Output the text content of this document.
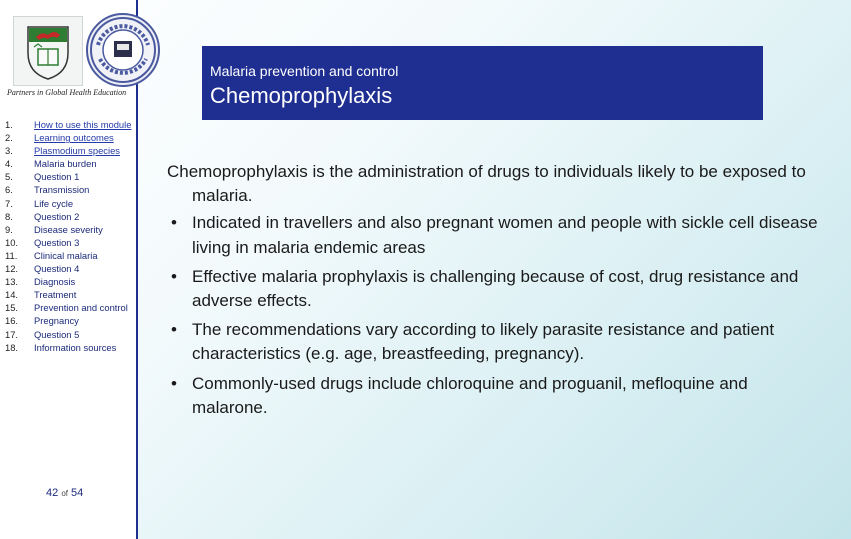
1.	How to use this module
2.	Learning outcomes
3.	Plasmodium species
4.	Malaria burden
5.	Question 1
6.	Transmission
7.	Life cycle
8.	Question 2
9.	Disease severity
10.	Question 3
11.	Clinical malaria
12.	Question 4
13.	Diagnosis
14.	Treatment
15.	Prevention and control
16.	Pregnancy
17.	Question 5
18.	Information sources
42 of 54
Partners in Global Health Education
Malaria prevention and control
Chemoprophylaxis

Chemoprophylaxis is the administration of drugs to individuals likely to be exposed to malaria.

• Indicated in travellers and also pregnant women and people with sickle cell disease living in malaria endemic areas
• Effective malaria prophylaxis is challenging because of cost, drug resistance and adverse effects.
• The recommendations vary according to likely parasite resistance and patient characteristics (e.g. age, breastfeeding, pregnancy).
• Commonly-used drugs include chloroquine and proguanil, mefloquine and malarone.
